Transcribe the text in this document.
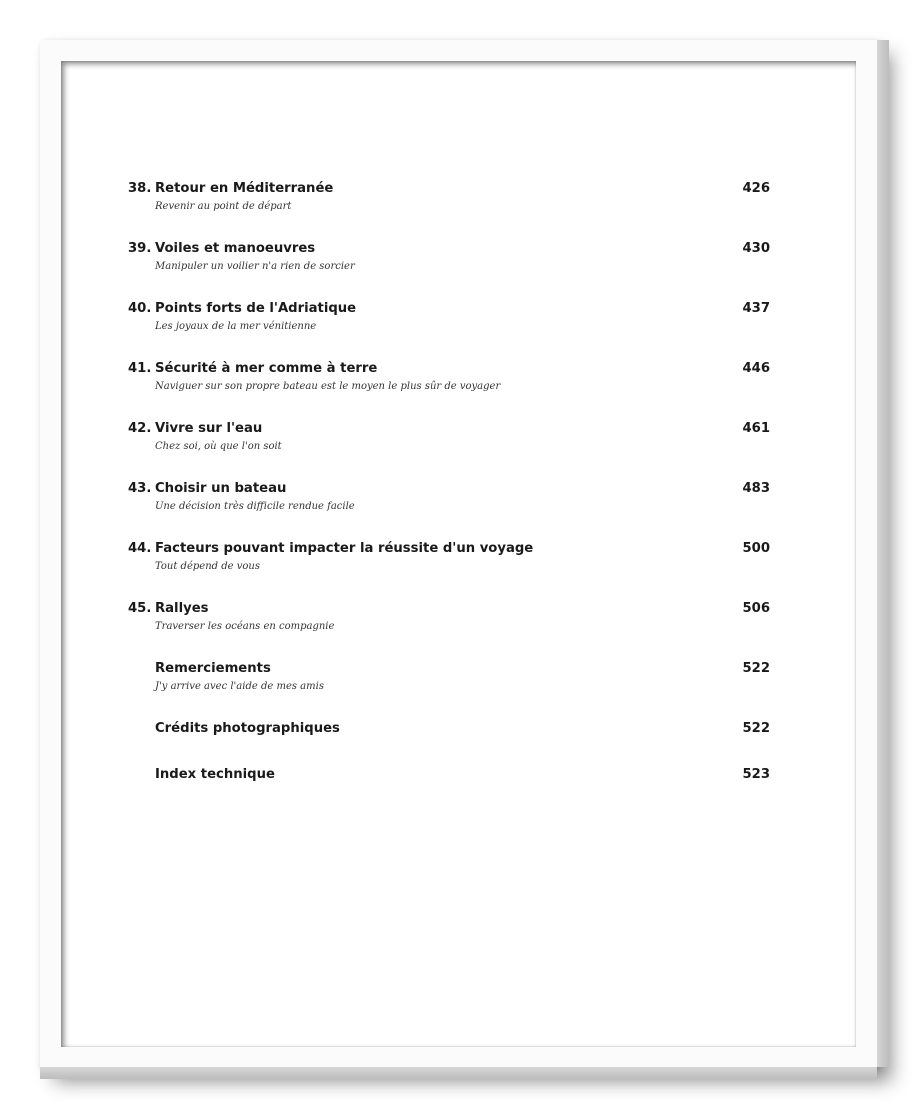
38. Retour en Méditerranée	426
Revenir au point de départ
39. Voiles et manoeuvres	430
Manipuler un voilier n'a rien de sorcier
40. Points forts de l'Adriatique	437
Les joyaux de la mer vénitienne
41. Sécurité à mer comme à terre	446
Naviguer sur son propre bateau est le moyen le plus sûr de voyager
42. Vivre sur l'eau	461
Chez soi, où que l'on soit
43. Choisir un bateau	483
Une décision très difficile rendue facile
44. Facteurs pouvant impacter la réussite d'un voyage	500
Tout dépend de vous
45. Rallyes	506
Traverser les océans en compagnie
Remerciements	522
J'y arrive avec l'aide de mes amis
Crédits photographiques	522
Index technique	523
